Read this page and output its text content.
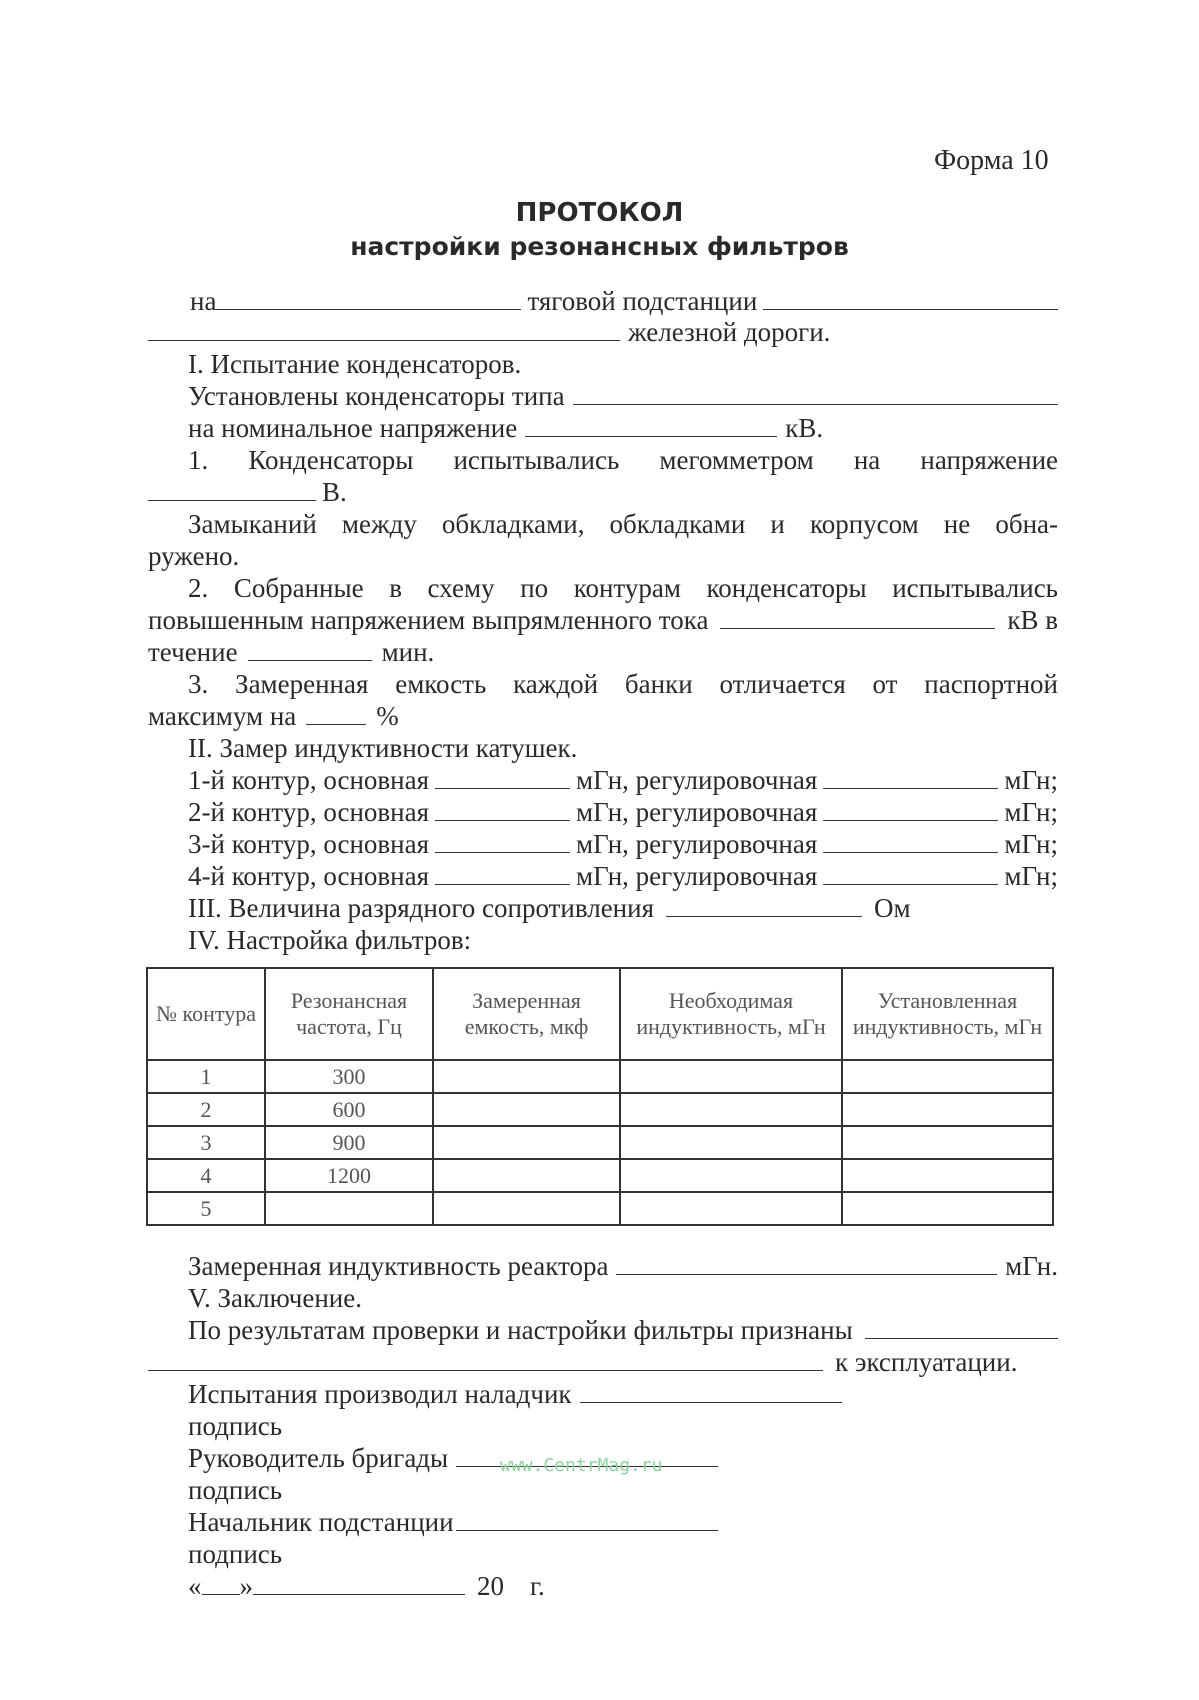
Форма 10
ПРОТОКОЛ
настройки резонансных фильтров
на	тяговой подстанции
железной дороги.
I. Испытание конденсаторов.
Установлены конденсаторы типа
на номинальное напряжение	кВ.
1. Конденсаторы испытывались мегомметром на напряжение
В.
Замыканий между обкладками, обкладками и корпусом не обна-
ружено.
2. Собранные в схему по контурам конденсаторы испытывались
повышенным напряжением выпрямленного тока	кВ в
течение	мин.
3. Замеренная емкость каждой банки отличается от паспортной
максимум на	%
II. Замер индуктивности катушек.
1-й контур, основная	мГн, регулировочная	мГн;
2-й контур, основная	мГн, регулировочная	мГн;
3-й контур, основная	мГн, регулировочная	мГн;
4-й контур, основная	мГн, регулировочная	мГн;
III. Величина разрядного сопротивления	Ом
IV. Настройка фильтров:
№ контура	Резонансная частота, Гц	Замеренная емкость, мкф	Необходимая индуктивность, мГн	Установленная индуктивность, мГн
1	300			
2	600			
3	900			
4	1200			
5				
Замеренная индуктивность реактора	мГн.
V. Заключение.
По результатам проверки и настройки фильтры признаны
к эксплуатации.
Испытания производил наладчик
подпись
Руководитель бригады	www.CentrMag.ru
подпись
Начальник подстанции
подпись
« »	20 г.
